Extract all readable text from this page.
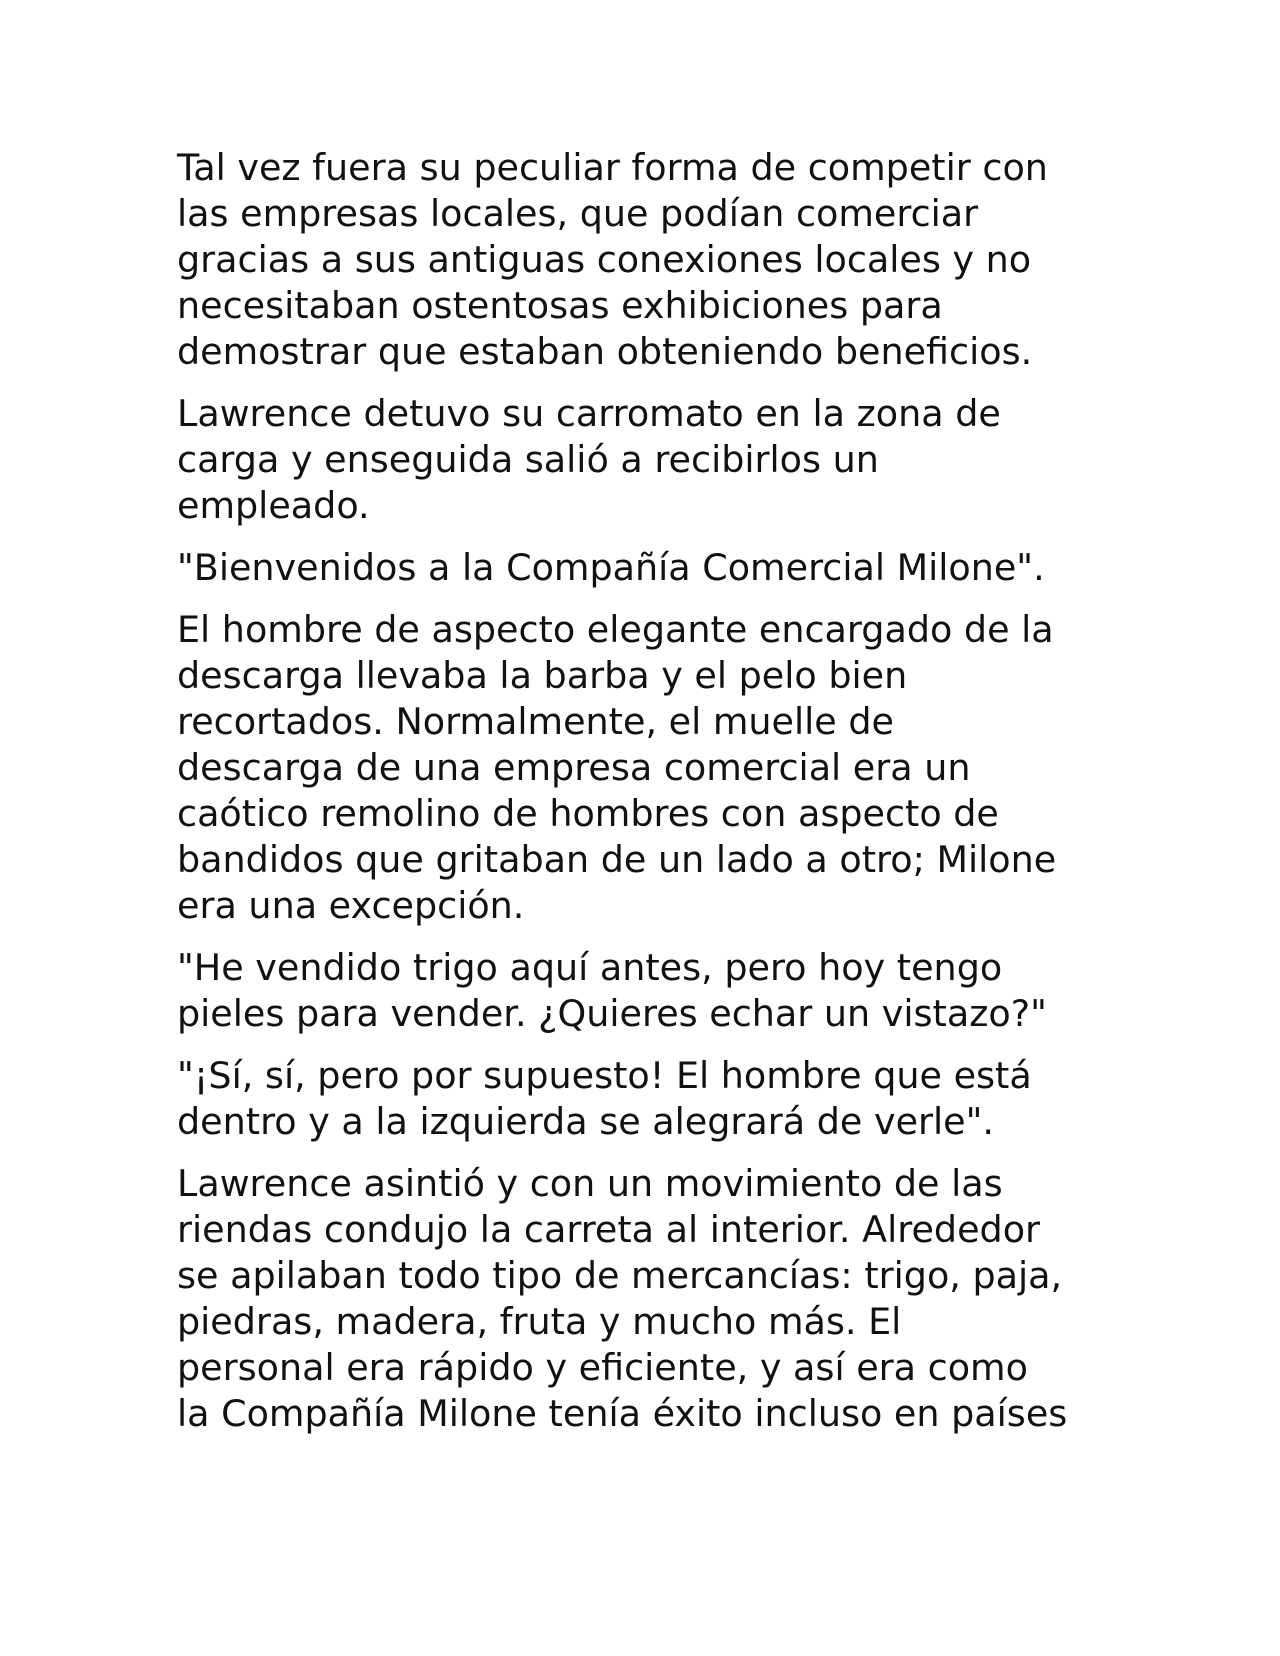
Tal vez fuera su peculiar forma de competir con
las empresas locales, que podían comerciar
gracias a sus antiguas conexiones locales y no
necesitaban ostentosas exhibiciones para
demostrar que estaban obteniendo beneficios.

Lawrence detuvo su carromato en la zona de
carga y enseguida salió a recibirlos un
empleado.

"Bienvenidos a la Compañía Comercial Milone".

El hombre de aspecto elegante encargado de la
descarga llevaba la barba y el pelo bien
recortados. Normalmente, el muelle de
descarga de una empresa comercial era un
caótico remolino de hombres con aspecto de
bandidos que gritaban de un lado a otro; Milone
era una excepción.

"He vendido trigo aquí antes, pero hoy tengo
pieles para vender. ¿Quieres echar un vistazo?"

"¡Sí, sí, pero por supuesto! El hombre que está
dentro y a la izquierda se alegrará de verle".

Lawrence asintió y con un movimiento de las
riendas condujo la carreta al interior. Alrededor
se apilaban todo tipo de mercancías: trigo, paja,
piedras, madera, fruta y mucho más. El
personal era rápido y eficiente, y así era como
la Compañía Milone tenía éxito incluso en países
